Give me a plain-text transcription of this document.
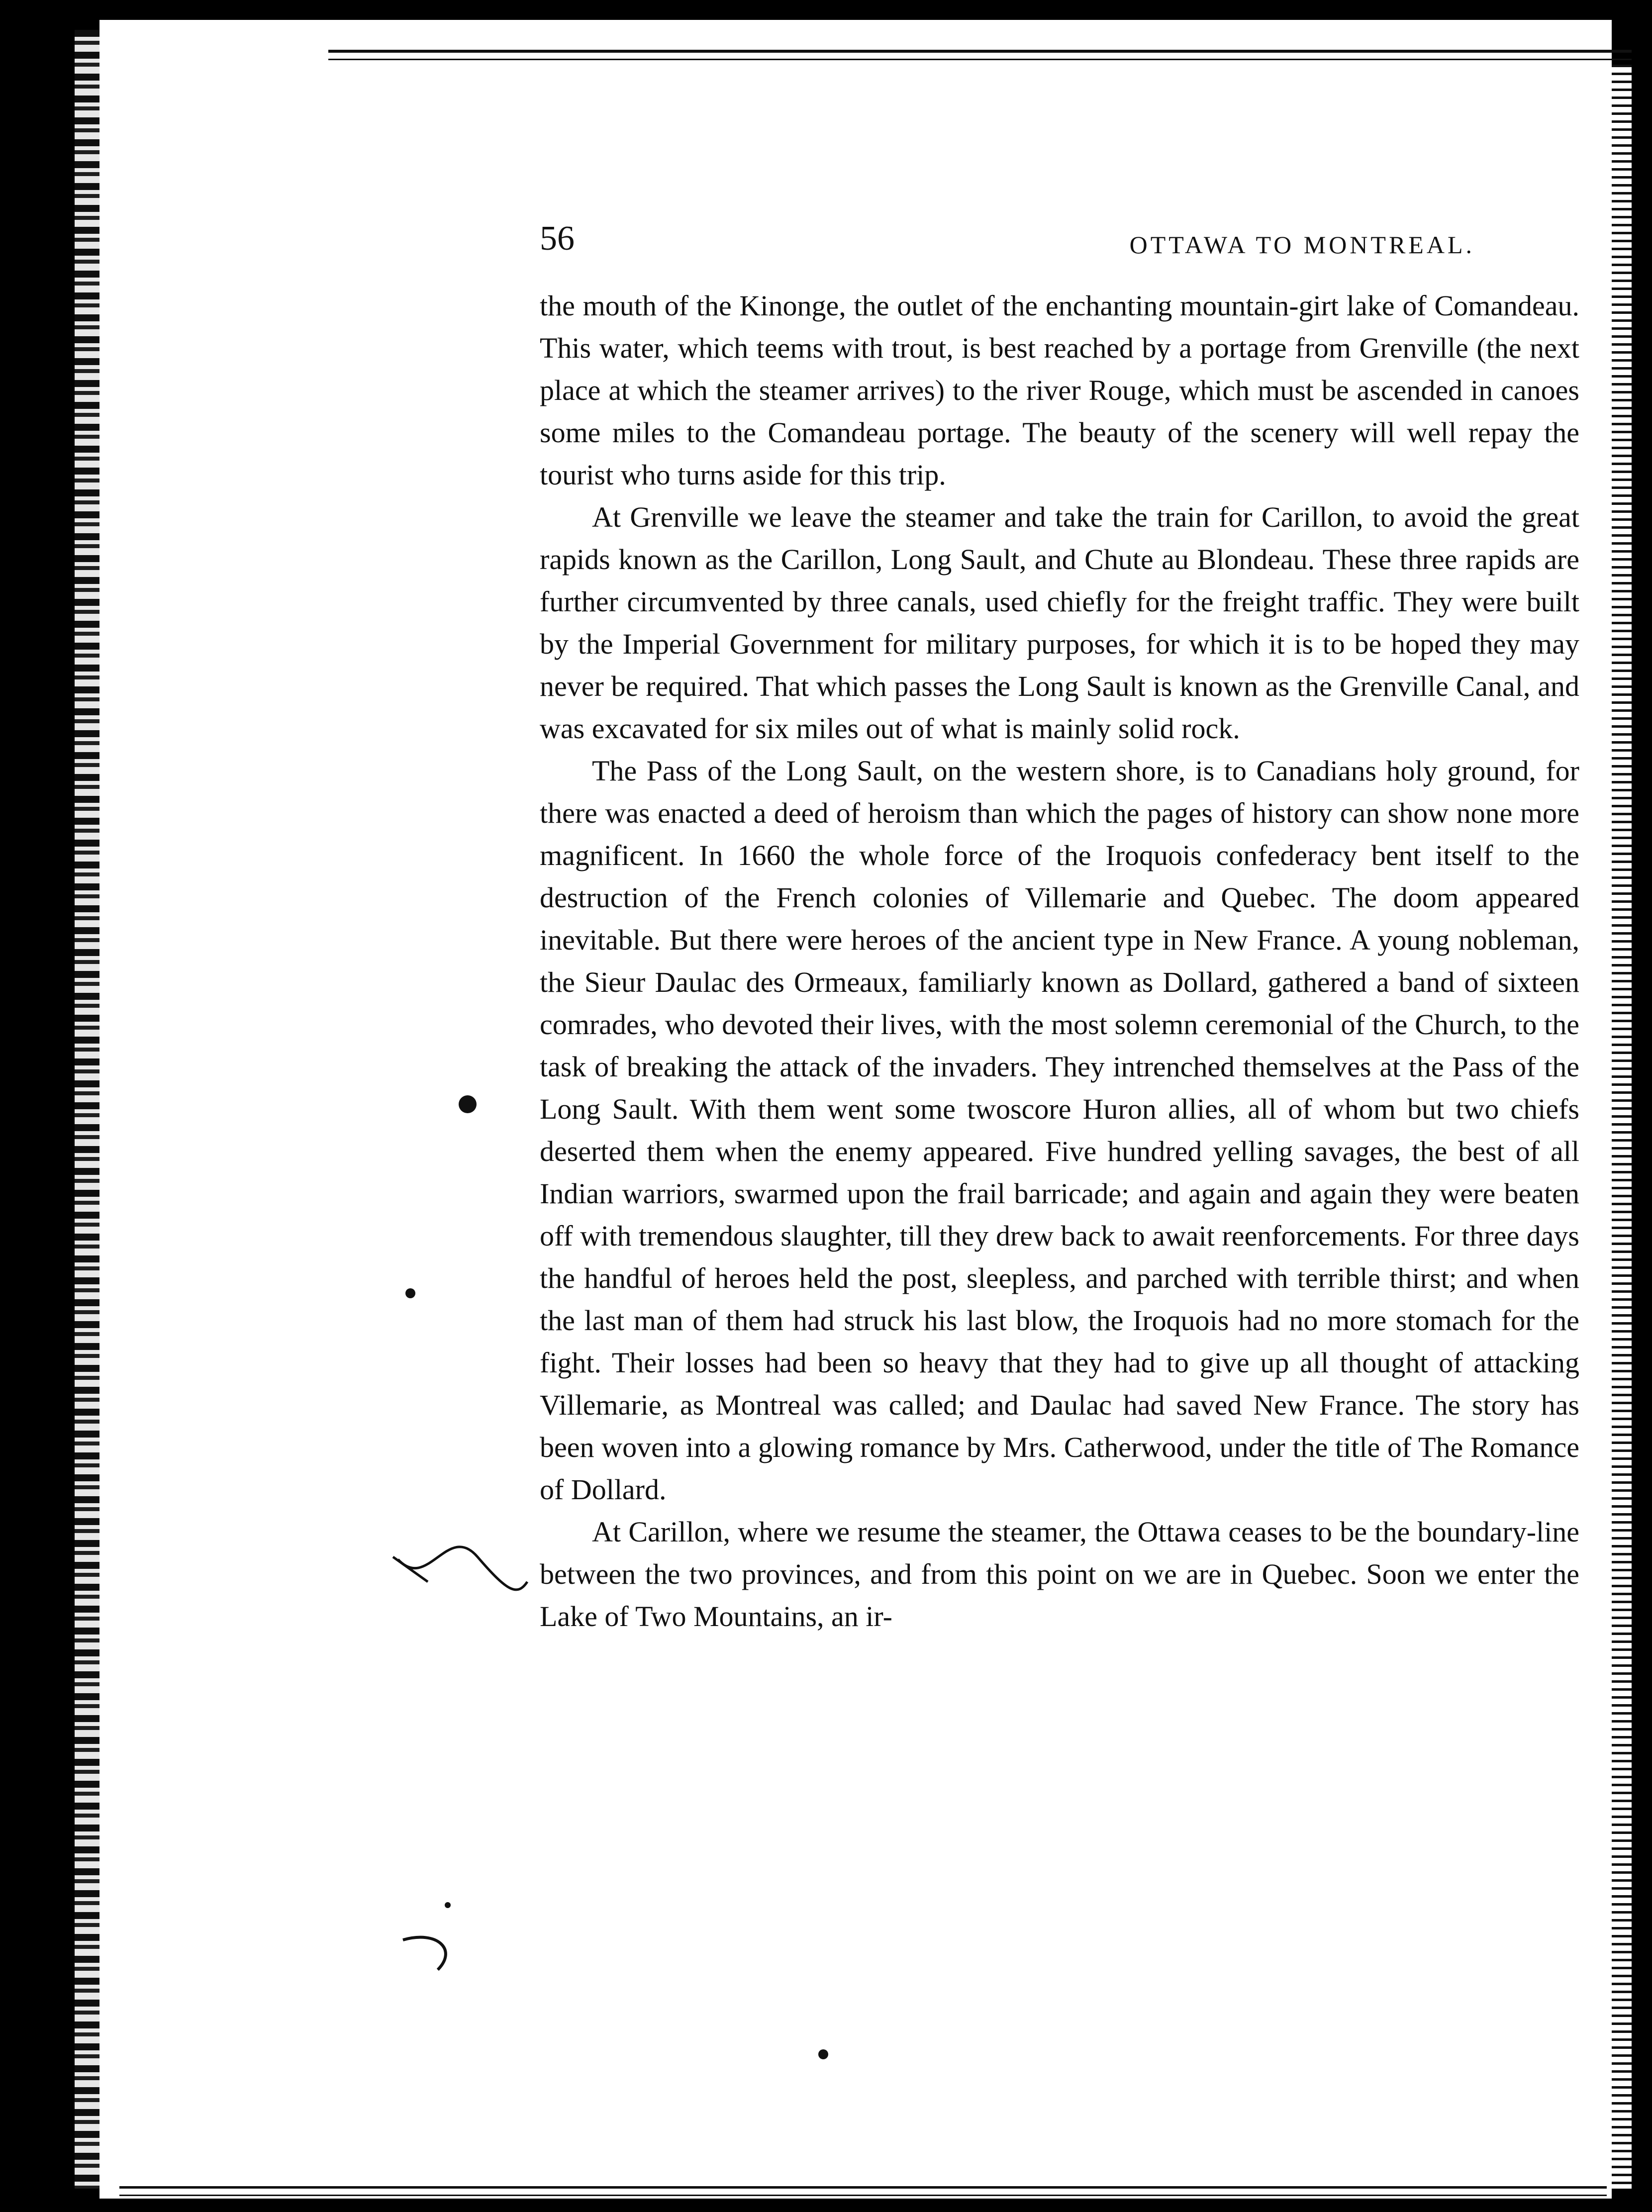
56	OTTAWA TO MONTREAL.

the mouth of the Kinonge, the outlet of the enchanting mountain-girt lake of Comandeau. This water, which teems with trout, is best reached by a portage from Grenville (the next place at which the steamer arrives) to the river Rouge, which must be ascended in canoes some miles to the Comandeau portage. The beauty of the scenery will well repay the tourist who turns aside for this trip.

At Grenville we leave the steamer and take the train for Carillon, to avoid the great rapids known as the Carillon, Long Sault, and Chute au Blondeau. These three rapids are further circumvented by three canals, used chiefly for the freight traffic. They were built by the Imperial Government for military purposes, for which it is to be hoped they may never be required. That which passes the Long Sault is known as the Grenville Canal, and was excavated for six miles out of what is mainly solid rock.

The Pass of the Long Sault, on the western shore, is to Canadians holy ground, for there was enacted a deed of heroism than which the pages of history can show none more magnificent. In 1660 the whole force of the Iroquois confederacy bent itself to the destruction of the French colonies of Villemarie and Quebec. The doom appeared inevitable. But there were heroes of the ancient type in New France. A young nobleman, the Sieur Daulac des Ormeaux, familiarly known as Dollard, gathered a band of sixteen comrades, who devoted their lives, with the most solemn ceremonial of the Church, to the task of breaking the attack of the invaders. They intrenched themselves at the Pass of the Long Sault. With them went some twoscore Huron allies, all of whom but two chiefs deserted them when the enemy appeared. Five hundred yelling savages, the best of all Indian warriors, swarmed upon the frail barricade; and again and again they were beaten off with tremendous slaughter, till they drew back to await reenforcements. For three days the handful of heroes held the post, sleepless, and parched with terrible thirst; and when the last man of them had struck his last blow, the Iroquois had no more stomach for the fight. Their losses had been so heavy that they had to give up all thought of attacking Villemarie, as Montreal was called; and Daulac had saved New France. The story has been woven into a glowing romance by Mrs. Catherwood, under the title of The Romance of Dollard.

At Carillon, where we resume the steamer, the Ottawa ceases to be the boundary-line between the two provinces, and from this point on we are in Quebec. Soon we enter the Lake of Two Mountains, an ir-
